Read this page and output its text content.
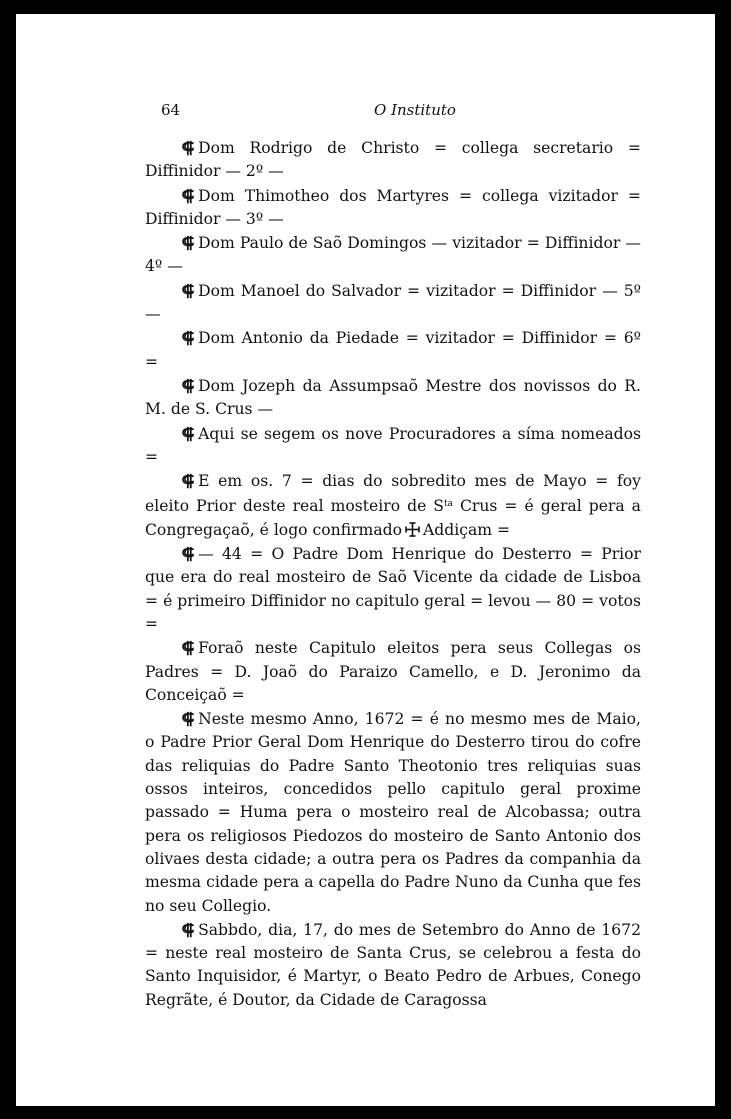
64	O Instituto

⸿ Dom Rodrigo de Christo = collega secretario = Diffinidor — 2º —

⸿ Dom Thimotheo dos Martyres = collega vizitador = Diffinidor — 3º —

⸿ Dom Paulo de Saõ Domingos — vizitador = Diffinidor — 4º —

⸿ Dom Manoel do Salvador = vizitador = Diffinidor — 5º —

⸿ Dom Antonio da Piedade = vizitador = Diffinidor = 6º =

⸿ Dom Jozeph da Assumpsaõ Mestre dos novissos do R. M. de S. Crus —

⸿ Aqui se segem os nove Procuradores a síma nomeados =

⸿ E em os. 7 = dias do sobredito mes de Mayo = foy eleito Prior deste real mosteiro de $S^{ta}$ Crus = é geral pera a Congregaçaõ, é logo confirmado Addiçam =

⸿ — 44 = O Padre Dom Henrique do Desterro = Prior que era do real mosteiro de Saõ Vicente da cidade de Lisboa = é primeiro Diffinidor no capitulo geral = levou — 80 = votos =

⸿ Foraõ neste Capitulo eleitos pera seus Collegas os Padres = D. Joaõ do Paraizo Camello, e D. Jeronimo da Conceiçaõ =

⸿ Neste mesmo Anno, 1672 = é no mesmo mes de Maio, o Padre Prior Geral Dom Henrique do Desterro tirou do cofre das reliquias do Padre Santo Theotonio tres reliquias suas ossos inteiros, concedidos pello capitulo geral proxime passado = Huma pera o mosteiro real de Alcobassa; outra pera os religiosos Piedozos do mosteiro de Santo Antonio dos olivaes desta cidade; a outra pera os Padres da companhia da mesma cidade pera a capella do Padre Nuno da Cunha que fes no seu Collegio.

⸿ Sabbdo, dia, 17, do mes de Setembro do Anno de 1672 = neste real mosteiro de Santa Crus, se celebrou a festa do Santo Inquisidor, é Martyr, o Beato Pedro de Arbues, Conego Regrãte, é Doutor, da Cidade de Caragossa
